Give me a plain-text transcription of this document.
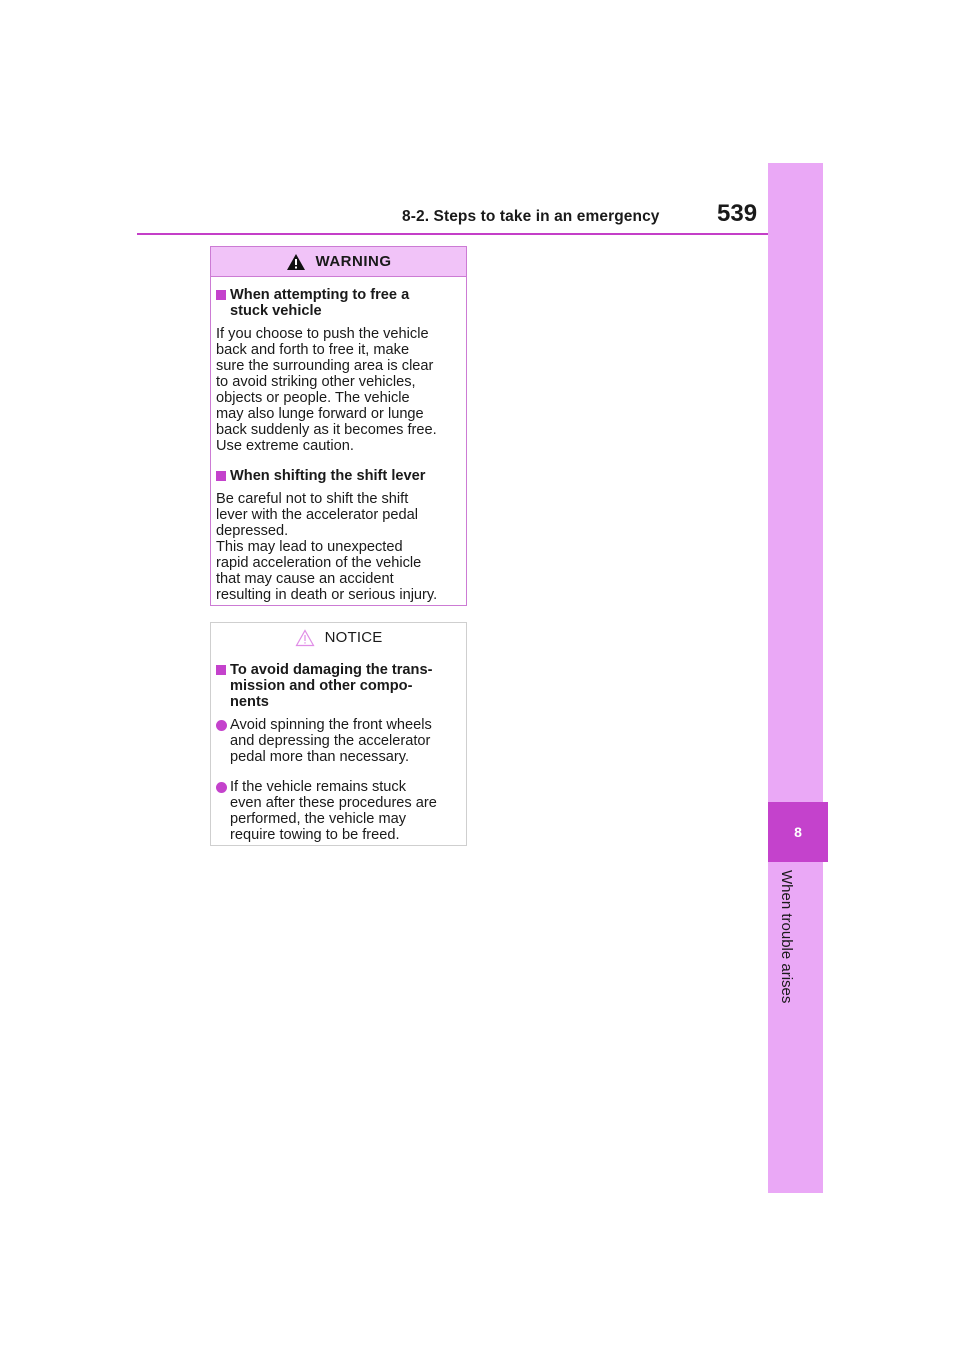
8-2. Steps to take in an emergency 539
8
When trouble arises
WARNING
When attempting to free a
stuck vehicle
If you choose to push the vehicle
back and forth to free it, make
sure the surrounding area is clear
to avoid striking other vehicles,
objects or people. The vehicle
may also lunge forward or lunge
back suddenly as it becomes free.
Use extreme caution.
When shifting the shift lever
Be careful not to shift the shift
lever with the accelerator pedal
depressed.
This may lead to unexpected
rapid acceleration of the vehicle
that may cause an accident
resulting in death or serious injury.
NOTICE
To avoid damaging the trans-
mission and other compo-
nents
Avoid spinning the front wheels
and depressing the accelerator
pedal more than necessary.
If the vehicle remains stuck
even after these procedures are
performed, the vehicle may
require towing to be freed.
